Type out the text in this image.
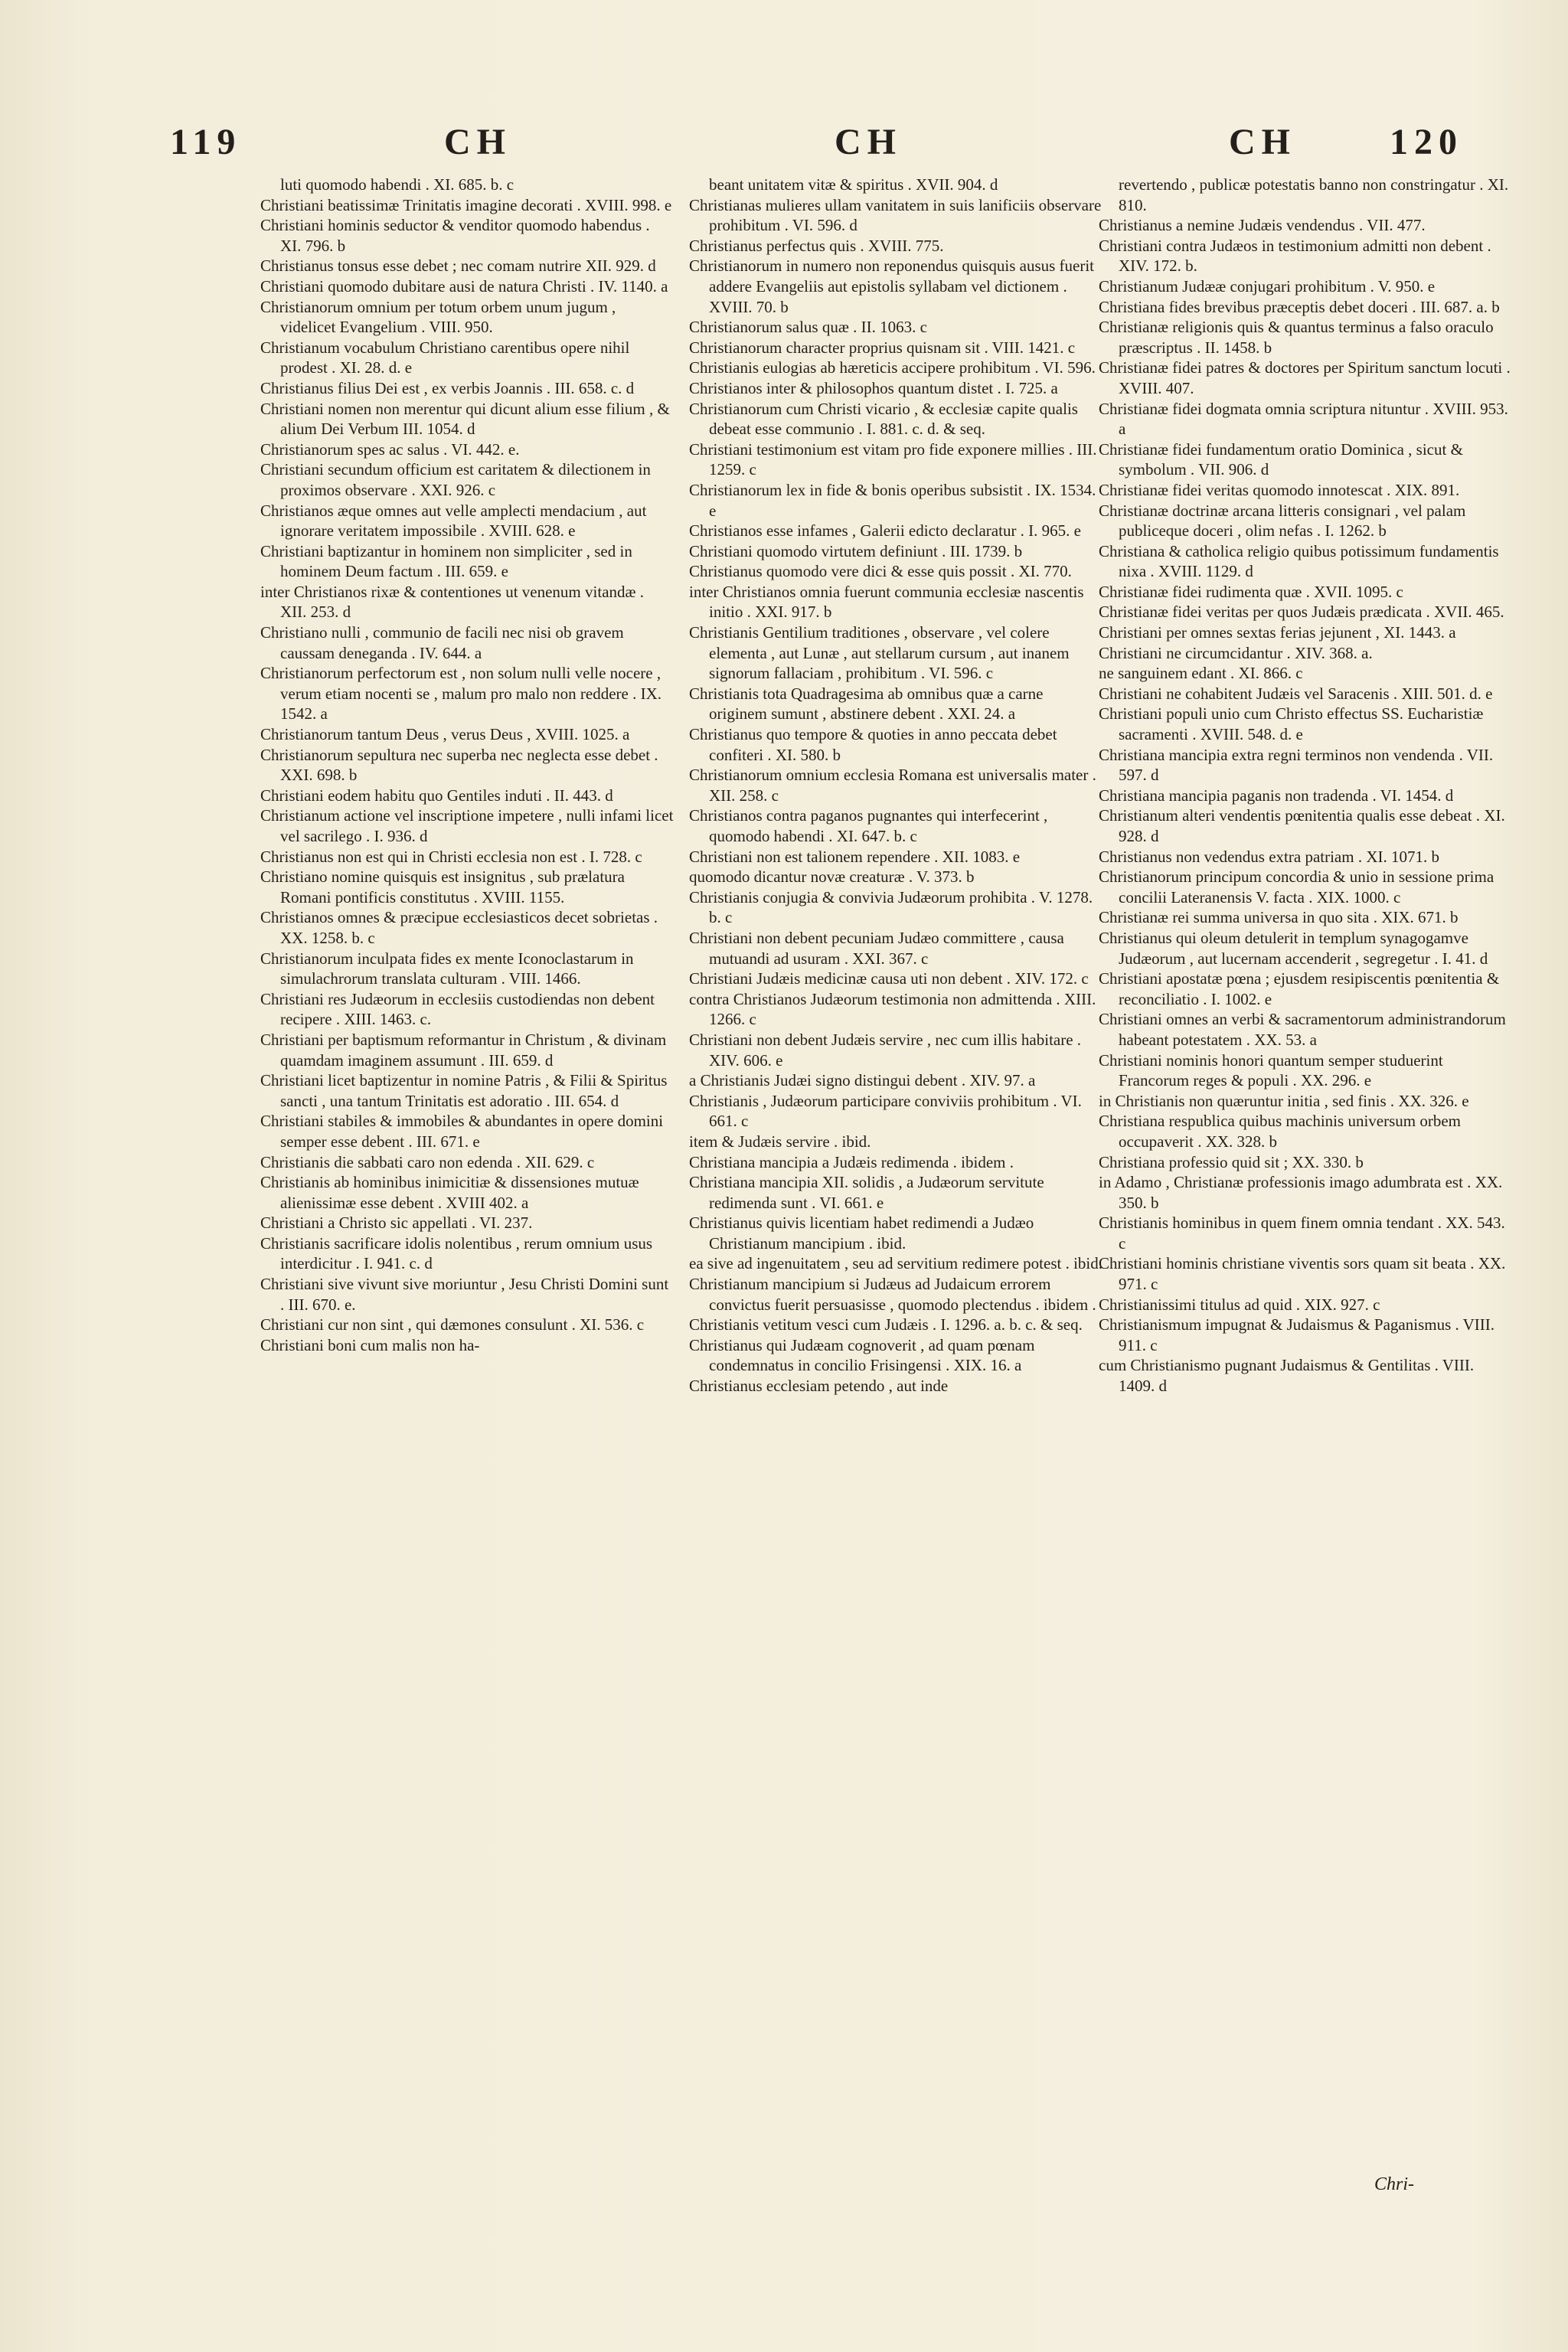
119	CH	CH	CH	120

luti quomodo habendi . XI. 685. b. c

Christiani beatissimæ Trinitatis imagine decorati . XVIII. 998. e

Christiani hominis seductor & venditor quomodo habendus . XI. 796. b

Christianus tonsus esse debet ; nec comam nutrire XII. 929. d

Christiani quomodo dubitare ausi de natura Christi . IV. 1140. a

Christianorum omnium per totum orbem unum jugum , videlicet Evangelium . VIII. 950.

Christianum vocabulum Christiano carentibus opere nihil prodest . XI. 28. d. e

Christianus filius Dei est , ex verbis Joannis . III. 658. c. d

Christiani nomen non merentur qui dicunt alium esse filium , & alium Dei Verbum III. 1054. d

Christianorum spes ac salus . VI. 442. e.

Christiani secundum officium est caritatem & dilectionem in proximos observare . XXI. 926. c

Christianos æque omnes aut velle amplecti mendacium , aut ignorare veritatem impossibile . XVIII. 628. e

Christiani baptizantur in hominem non simpliciter , sed in hominem Deum factum . III. 659. e

inter Christianos rixæ & contentiones ut venenum vitandæ . XII. 253. d

Christiano nulli , communio de facili nec nisi ob gravem caussam deneganda . IV. 644. a

Christianorum perfectorum est , non solum nulli velle nocere , verum etiam nocenti se , malum pro malo non reddere . IX. 1542. a

Christianorum tantum Deus , verus Deus , XVIII. 1025. a

Christianorum sepultura nec superba nec neglecta esse debet . XXI. 698. b

Christiani eodem habitu quo Gentiles induti . II. 443. d

Christianum actione vel inscriptione impetere , nulli infami licet vel sacrilego . I. 936. d

Christianus non est qui in Christi ecclesia non est . I. 728. c

Christiano nomine quisquis est insignitus , sub prælatura Romani pontificis constitutus . XVIII. 1155.

Christianos omnes & præcipue ecclesiasticos decet sobrietas . XX. 1258. b. c

Christianorum inculpata fides ex mente Iconoclastarum in simulachrorum translata culturam . VIII. 1466.

Christiani res Judæorum in ecclesiis custodiendas non debent recipere . XIII. 1463. c.

Christiani per baptismum reformantur in Christum , & divinam quamdam imaginem assumunt . III. 659. d

Christiani licet baptizentur in nomine Patris , & Filii & Spiritus sancti , una tantum Trinitatis est adoratio . III. 654. d

Christiani stabiles & immobiles & abundantes in opere domini semper esse debent . III. 671. e

Christianis die sabbati caro non edenda . XII. 629. c

Christianis ab hominibus inimicitiæ & dissensiones mutuæ alienissimæ esse debent . XVIII 402. a

Christiani a Christo sic appellati . VI. 237.

Christianis sacrificare idolis nolentibus , rerum omnium usus interdicitur . I. 941. c. d

Christiani sive vivunt sive moriuntur , Jesu Christi Domini sunt . III. 670. e.

Christiani cur non sint , qui dæmones consulunt . XI. 536. c

Christiani boni cum malis non ha-

beant unitatem vitæ & spiritus . XVII. 904. d

Christianas mulieres ullam vanitatem in suis lanificiis observare prohibitum . VI. 596. d

Christianus perfectus quis . XVIII. 775.

Christianorum in numero non reponendus quisquis ausus fuerit addere Evangeliis aut epistolis syllabam vel dictionem . XVIII. 70. b

Christianorum salus quæ . II. 1063. c

Christianorum character proprius quisnam sit . VIII. 1421. c

Christianis eulogias ab hæreticis accipere prohibitum . VI. 596.

Christianos inter & philosophos quantum distet . I. 725. a

Christianorum cum Christi vicario , & ecclesiæ capite qualis debeat esse communio . I. 881. c. d. & seq.

Christiani testimonium est vitam pro fide exponere millies . III. 1259. c

Christianorum lex in fide & bonis operibus subsistit . IX. 1534. e

Christianos esse infames , Galerii edicto declaratur . I. 965. e

Christiani quomodo virtutem definiunt . III. 1739. b

Christianus quomodo vere dici & esse quis possit . XI. 770.

inter Christianos omnia fuerunt communia ecclesiæ nascentis initio . XXI. 917. b

Christianis Gentilium traditiones , observare , vel colere elementa , aut Lunæ , aut stellarum cursum , aut inanem signorum fallaciam , prohibitum . VI. 596. c

Christianis tota Quadragesima ab omnibus quæ a carne originem sumunt , abstinere debent . XXI. 24. a

Christianus quo tempore & quoties in anno peccata debet confiteri . XI. 580. b

Christianorum omnium ecclesia Romana est universalis mater . XII. 258. c

Christianos contra paganos pugnantes qui interfecerint , quomodo habendi . XI. 647. b. c

Christiani non est talionem rependere . XII. 1083. e

quomodo dicantur novæ creaturæ . V. 373. b

Christianis conjugia & convivia Judæorum prohibita . V. 1278. b. c

Christiani non debent pecuniam Judæo committere , causa mutuandi ad usuram . XXI. 367. c

Christiani Judæis medicinæ causa uti non debent . XIV. 172. c

contra Christianos Judæorum testimonia non admittenda . XIII. 1266. c

Christiani non debent Judæis servire , nec cum illis habitare . XIV. 606. e

a Christianis Judæi signo distingui debent . XIV. 97. a

Christianis , Judæorum participare conviviis prohibitum . VI. 661. c

item & Judæis servire . ibid.

Christiana mancipia a Judæis redimenda . ibidem .

Christiana mancipia XII. solidis , a Judæorum servitute redimenda sunt . VI. 661. e

Christianus quivis licentiam habet redimendi a Judæo Christianum mancipium . ibid.

ea sive ad ingenuitatem , seu ad servitium redimere potest . ibid.

Christianum mancipium si Judæus ad Judaicum errorem convictus fuerit persuasisse , quomodo plectendus . ibidem .

Christianis vetitum vesci cum Judæis . I. 1296. a. b. c. & seq.

Christianus qui Judæam cognoverit , ad quam pœnam condemnatus in concilio Frisingensi . XIX. 16. a

Christianus ecclesiam petendo , aut inde

revertendo , publicæ potestatis banno non constringatur . XI. 810.

Christianus a nemine Judæis vendendus . VII. 477.

Christiani contra Judæos in testimonium admitti non debent . XIV. 172. b.

Christianum Judææ conjugari prohibitum . V. 950. e

Christiana fides brevibus præceptis debet doceri . III. 687. a. b

Christianæ religionis quis & quantus terminus a falso oraculo præscriptus . II. 1458. b

Christianæ fidei patres & doctores per Spiritum sanctum locuti . XVIII. 407.

Christianæ fidei dogmata omnia scriptura nituntur . XVIII. 953. a

Christianæ fidei fundamentum oratio Dominica , sicut & symbolum . VII. 906. d

Christianæ fidei veritas quomodo innotescat . XIX. 891.

Christianæ doctrinæ arcana litteris consignari , vel palam publiceque doceri , olim nefas . I. 1262. b

Christiana & catholica religio quibus potissimum fundamentis nixa . XVIII. 1129. d

Christianæ fidei rudimenta quæ . XVII. 1095. c

Christianæ fidei veritas per quos Judæis prædicata . XVII. 465.

Christiani per omnes sextas ferias jejunent , XI. 1443. a

Christiani ne circumcidantur . XIV. 368. a.

ne sanguinem edant . XI. 866. c

Christiani ne cohabitent Judæis vel Saracenis . XIII. 501. d. e

Christiani populi unio cum Christo effectus SS. Eucharistiæ sacramenti . XVIII. 548. d. e

Christiana mancipia extra regni terminos non vendenda . VII. 597. d

Christiana mancipia paganis non tradenda . VI. 1454. d

Christianum alteri vendentis pœnitentia qualis esse debeat . XI. 928. d

Christianus non vedendus extra patriam . XI. 1071. b

Christianorum principum concordia & unio in sessione prima concilii Lateranensis V. facta . XIX. 1000. c

Christianæ rei summa universa in quo sita . XIX. 671. b

Christianus qui oleum detulerit in templum synagogamve Judæorum , aut lucernam accenderit , segregetur . I. 41. d

Christiani apostatæ pœna ; ejusdem resipiscentis pœnitentia & reconciliatio . I. 1002. e

Christiani omnes an verbi & sacramentorum administrandorum habeant potestatem . XX. 53. a

Christiani nominis honori quantum semper studuerint Francorum reges & populi . XX. 296. e

in Christianis non quæruntur initia , sed finis . XX. 326. e

Christiana respublica quibus machinis universum orbem occupaverit . XX. 328. b

Christiana professio quid sit ; XX. 330. b

in Adamo , Christianæ professionis imago adumbrata est . XX. 350. b

Christianis hominibus in quem finem omnia tendant . XX. 543. c

Christiani hominis christiane viventis sors quam sit beata . XX. 971. c

Christianissimi titulus ad quid . XIX. 927. c

Christianismum impugnat & Judaismus & Paganismus . VIII. 911. c

cum Christianismo pugnant Judaismus & Gentilitas . VIII. 1409. d

Chri-
